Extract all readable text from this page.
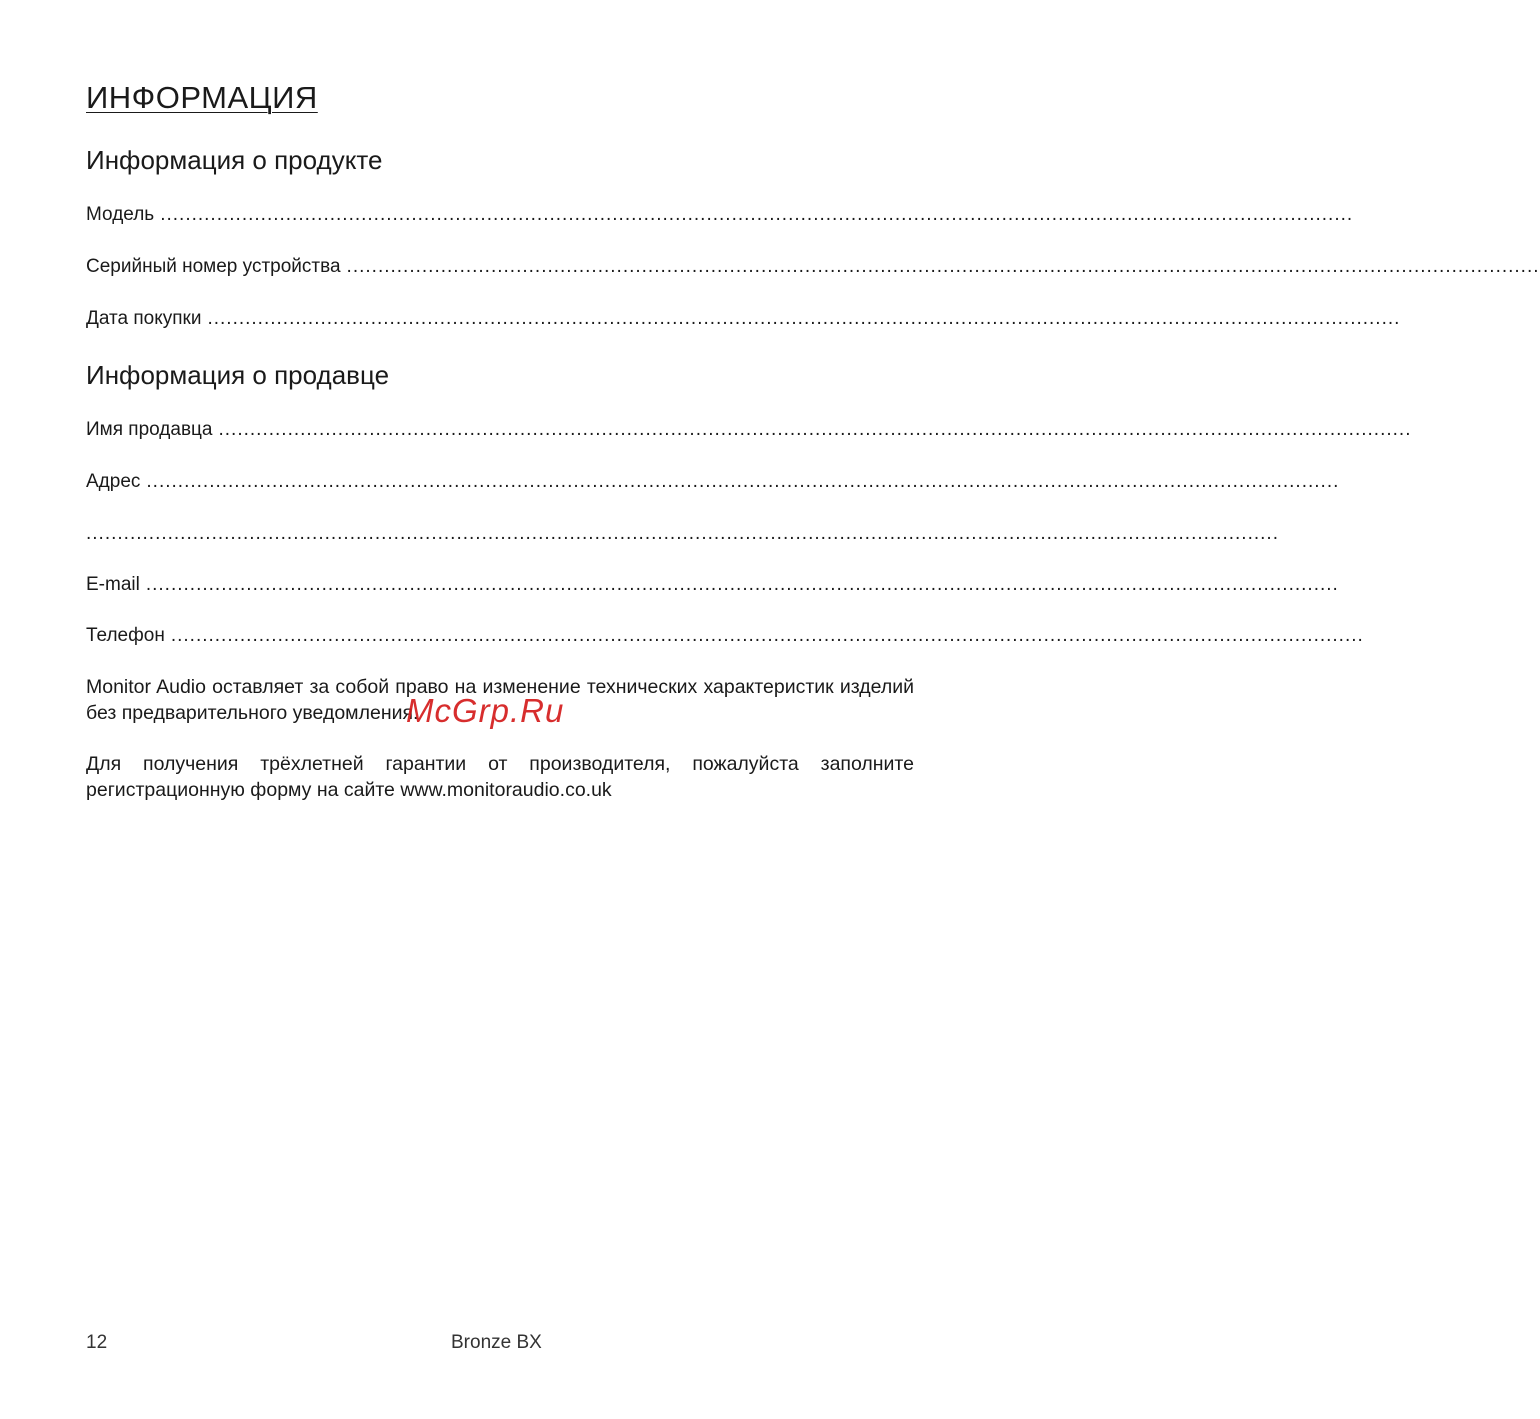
ИНФОРМАЦИЯ
Информация о продукте
Модель ..............................................................................................................................................................................................
Серийный номер устройства ..............................................................................................................................................................................................
Дата покупки ..............................................................................................................................................................................................
Информация о продавце
Имя продавца ..............................................................................................................................................................................................
Адрес ..............................................................................................................................................................................................
..............................................................................................................................................................................................
E-mail ..............................................................................................................................................................................................
Телефон ..............................................................................................................................................................................................

Monitor Audio оставляет за собой право на изменение технических характеристик изделий без предварительного уведомления.

Для получения трёхлетней гарантии от производителя, пожалуйста заполните регистрационную форму на сайте www.monitoraudio.co.uk

McGrp.Ru
12	Bronze BX
